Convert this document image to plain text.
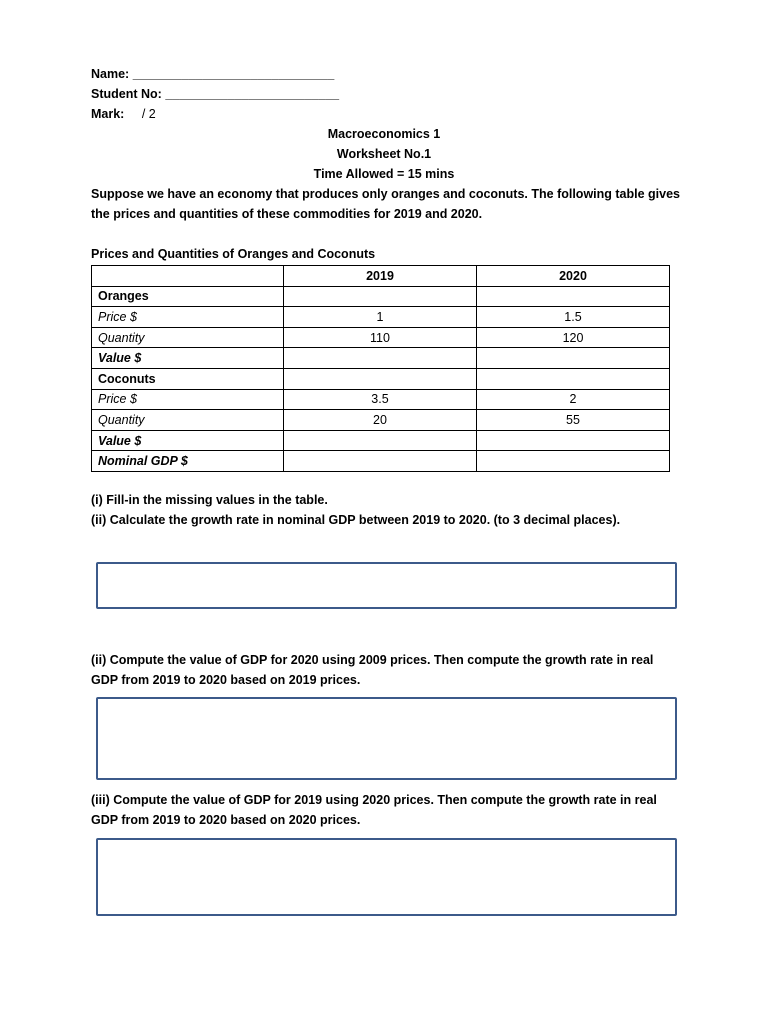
Name: _____________________________
Student No: _________________________
Mark: / 2
Macroeconomics 1
Worksheet No.1
Time Allowed = 15 mins
Suppose we have an economy that produces only oranges and coconuts. The following table gives the prices and quantities of these commodities for 2019 and 2020.
Prices and Quantities of Oranges and Coconuts
	2019	2020
Oranges		
Price $	1	1.5
Quantity	110	120
Value $		
Coconuts		
Price $	3.5	2
Quantity	20	55
Value $		
Nominal GDP $		
(i) Fill-in the missing values in the table.
(ii) Calculate the growth rate in nominal GDP between 2019 to 2020. (to 3 decimal places).
(ii) Compute the value of GDP for 2020 using 2009 prices. Then compute the growth rate in real GDP from 2019 to 2020 based on 2019 prices.
(iii) Compute the value of GDP for 2019 using 2020 prices. Then compute the growth rate in real GDP from 2019 to 2020 based on 2020 prices.
